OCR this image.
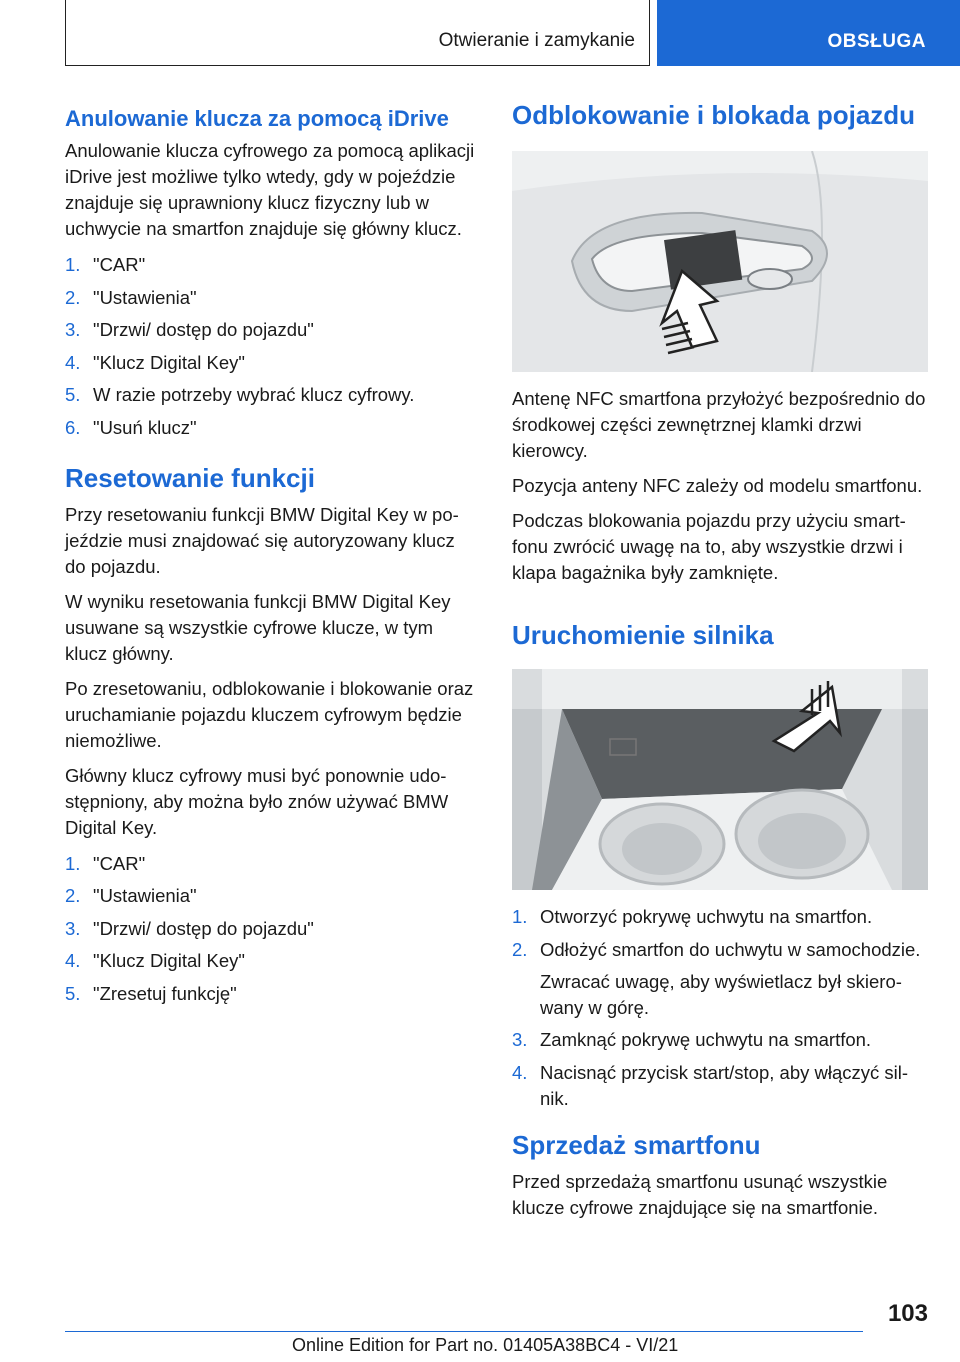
Otwieranie i zamykanie	OBSŁUGA
Anulowanie klucza za pomocą iDrive

Anulowanie klucza cyfrowego za pomocą aplikacji iDrive jest możliwe tylko wtedy, gdy w pojeździe znajduje się uprawniony klucz fizyczny lub w uchwycie na smartfon znajduje się główny klucz.

1. "CAR"
2. "Ustawienia"
3. "Drzwi/ dostęp do pojazdu"
4. "Klucz Digital Key"
5. W razie potrzeby wybrać klucz cyfrowy.
6. "Usuń klucz"
Resetowanie funkcji

Przy resetowaniu funkcji BMW Digital Key w pojeździe musi znajdować się autoryzowany klucz do pojazdu.

W wyniku resetowania funkcji BMW Digital Key usuwane są wszystkie cyfrowe klucze, w tym klucz główny.

Po zresetowaniu, odblokowanie i blokowanie oraz uruchamianie pojazdu kluczem cyfrowym będzie niemożliwe.

Główny klucz cyfrowy musi być ponownie udostępniony, aby można było znów używać BMW Digital Key.

1. "CAR"
2. "Ustawienia"
3. "Drzwi/ dostęp do pojazdu"
4. "Klucz Digital Key"
5. "Zresetuj funkcję"
Odblokowanie i blokada pojazdu

Antenę NFC smartfona przyłożyć bezpośrednio do środkowej części zewnętrznej klamki drzwi kierowcy.

Pozycja anteny NFC zależy od modelu smartfonu.

Podczas blokowania pojazdu przy użyciu smartfonu zwrócić uwagę na to, aby wszystkie drzwi i klapa bagażnika były zamknięte.

Uruchomienie silnika
1. Otworzyć pokrywę uchwytu na smartfon.
2. Odłożyć smartfon do uchwytu w samochodzie.
Zwracać uwagę, aby wyświetlacz był skierowany w górę.
3. Zamknąć pokrywę uchwytu na smartfon.
4. Nacisnąć przycisk start/stop, aby włączyć silnik.
Sprzedaż smartfonu

Przed sprzedażą smartfonu usunąć wszystkie klucze cyfrowe znajdujące się na smartfonie.

103
Online Edition for Part no. 01405A38BC4 - VI/21
